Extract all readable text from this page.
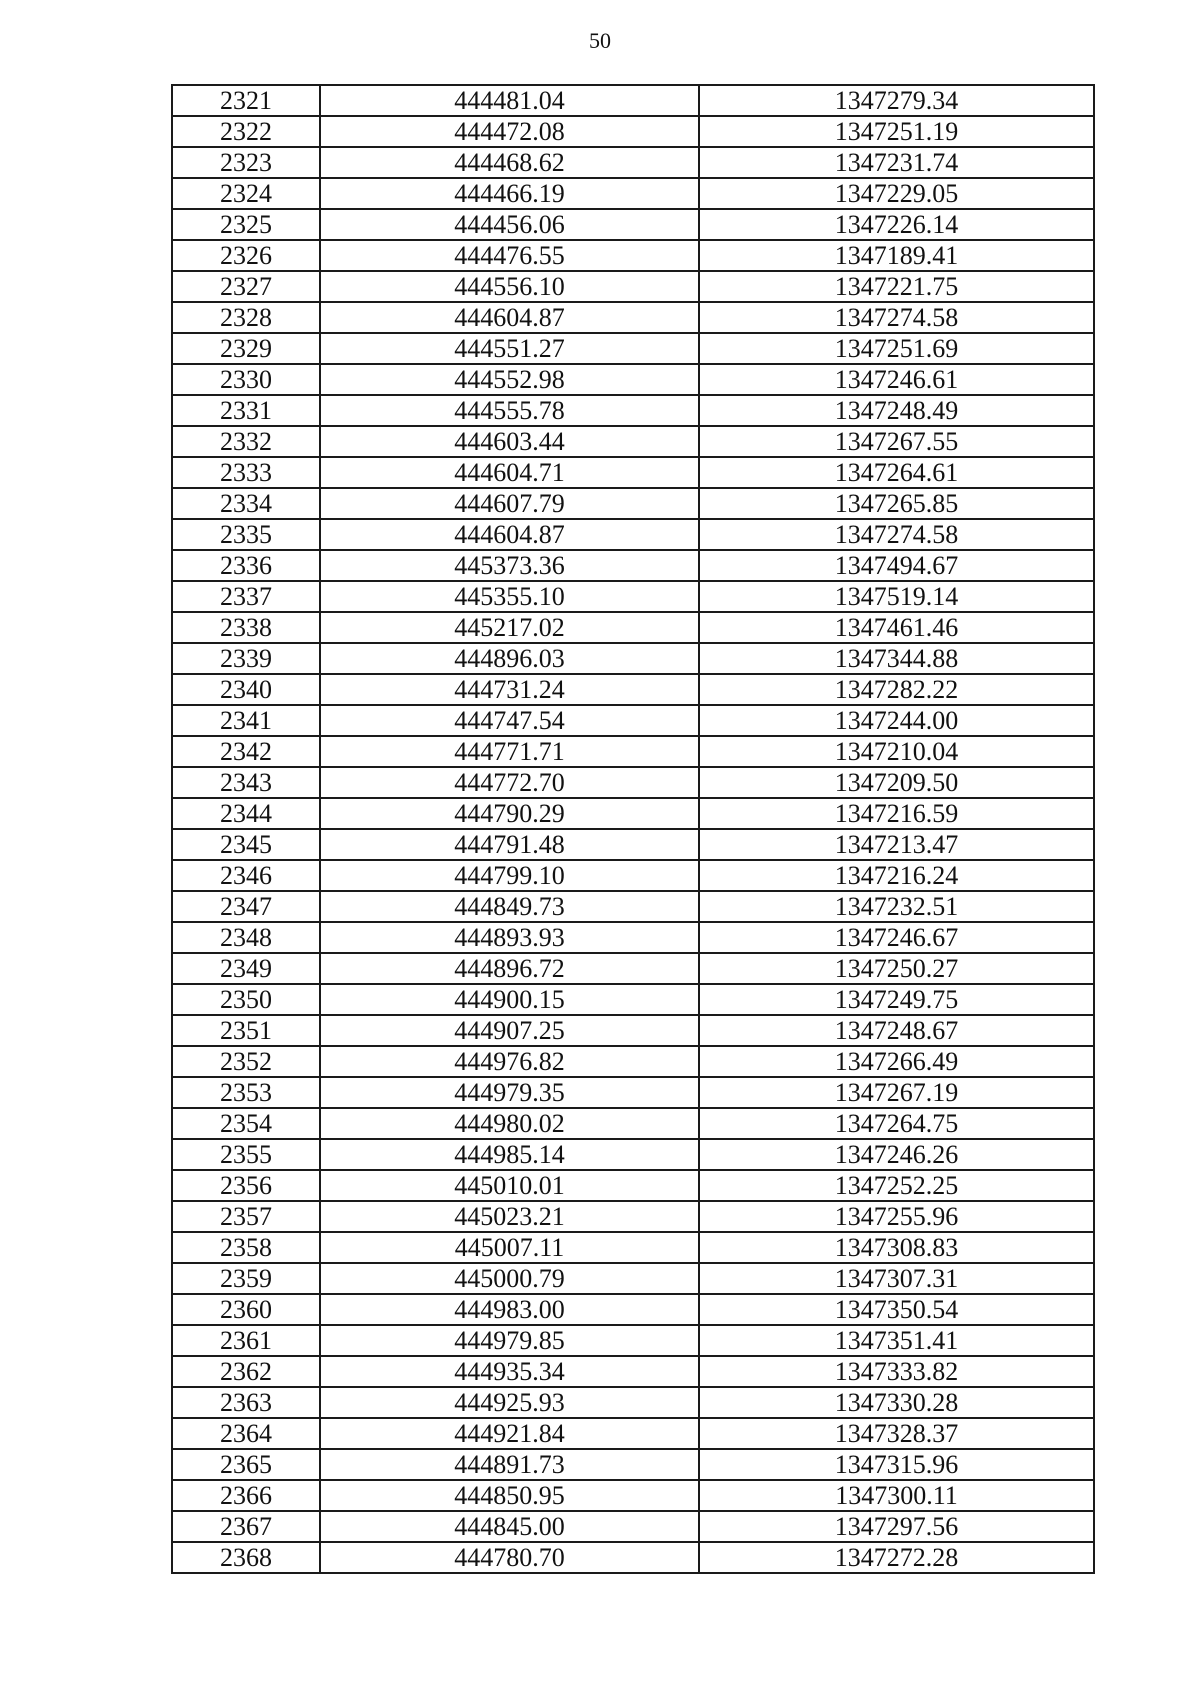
50
2321	444481.04	1347279.34
2322	444472.08	1347251.19
2323	444468.62	1347231.74
2324	444466.19	1347229.05
2325	444456.06	1347226.14
2326	444476.55	1347189.41
2327	444556.10	1347221.75
2328	444604.87	1347274.58
2329	444551.27	1347251.69
2330	444552.98	1347246.61
2331	444555.78	1347248.49
2332	444603.44	1347267.55
2333	444604.71	1347264.61
2334	444607.79	1347265.85
2335	444604.87	1347274.58
2336	445373.36	1347494.67
2337	445355.10	1347519.14
2338	445217.02	1347461.46
2339	444896.03	1347344.88
2340	444731.24	1347282.22
2341	444747.54	1347244.00
2342	444771.71	1347210.04
2343	444772.70	1347209.50
2344	444790.29	1347216.59
2345	444791.48	1347213.47
2346	444799.10	1347216.24
2347	444849.73	1347232.51
2348	444893.93	1347246.67
2349	444896.72	1347250.27
2350	444900.15	1347249.75
2351	444907.25	1347248.67
2352	444976.82	1347266.49
2353	444979.35	1347267.19
2354	444980.02	1347264.75
2355	444985.14	1347246.26
2356	445010.01	1347252.25
2357	445023.21	1347255.96
2358	445007.11	1347308.83
2359	445000.79	1347307.31
2360	444983.00	1347350.54
2361	444979.85	1347351.41
2362	444935.34	1347333.82
2363	444925.93	1347330.28
2364	444921.84	1347328.37
2365	444891.73	1347315.96
2366	444850.95	1347300.11
2367	444845.00	1347297.56
2368	444780.70	1347272.28
